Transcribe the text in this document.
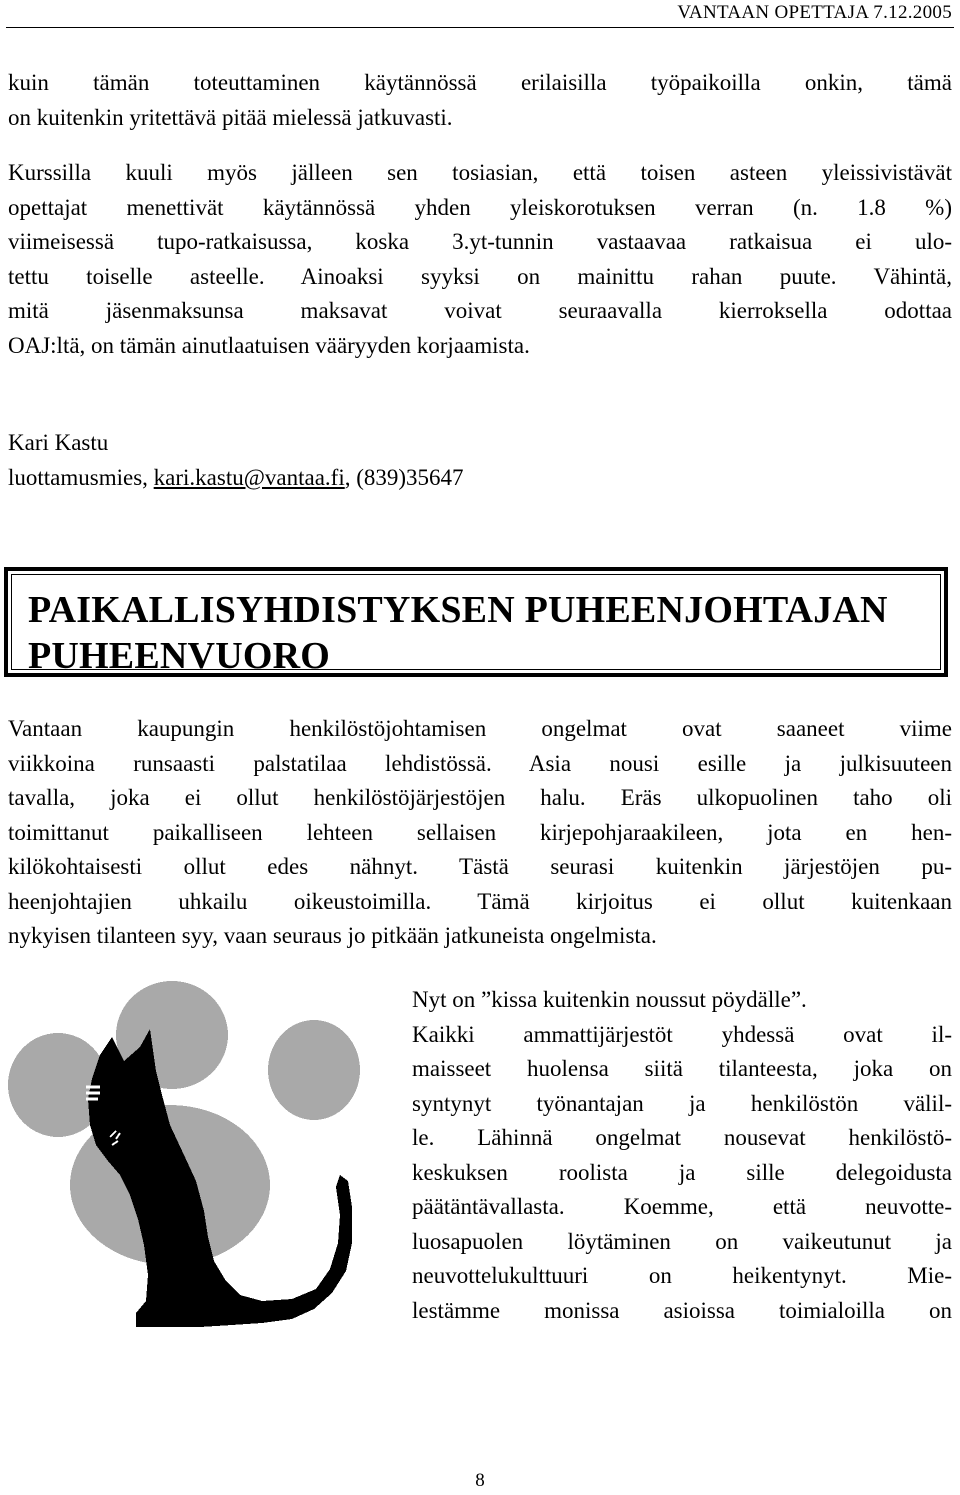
VANTAAN OPETTAJA 7.12.2005

kuin tämän toteuttaminen käytännössä erilaisilla työpaikoilla onkin, tämä
on kuitenkin yritettävä pitää mielessä jatkuvasti.

Kurssilla kuuli myös jälleen sen tosiasian, että toisen asteen yleissivistävät
opettajat menettivät käytännössä yhden yleiskorotuksen verran (n. 1.8 %)
viimeisessä tupo-ratkaisussa, koska 3.yt-tunnin vastaavaa ratkaisua ei ulo-
tettu toiselle asteelle. Ainoaksi syyksi on mainittu rahan puute. Vähintä,
mitä jäsenmaksunsa maksavat voivat seuraavalla kierroksella odottaa
OAJ:ltä, on tämän ainutlaatuisen vääryyden korjaamista.

Kari Kastu

luottamusmies, kari.kastu@vantaa.fi, (839)35647

PAIKALLISYHDISTYKSEN PUHEENJOHTAJAN
PUHEENVUORO

Vantaan kaupungin henkilöstöjohtamisen ongelmat ovat saaneet viime
viikkoina runsaasti palstatilaa lehdistössä. Asia nousi esille ja julkisuuteen
tavalla, joka ei ollut henkilöstöjärjestöjen halu. Eräs ulkopuolinen taho oli
toimittanut paikalliseen lehteen sellaisen kirjepohjaraakileen, jota en hen-
kilökohtaisesti ollut edes nähnyt. Tästä seurasi kuitenkin järjestöjen pu-
heenjohtajien uhkailu oikeustoimilla. Tämä kirjoitus ei ollut kuitenkaan
nykyisen tilanteen syy, vaan seuraus jo pitkään jatkuneista ongelmista.

Nyt on ”kissa kuitenkin noussut pöydälle”.
Kaikki ammattijärjestöt yhdessä ovat il-
maisseet huolensa siitä tilanteesta, joka on
syntynyt työnantajan ja henkilöstön välil-
le. Lähinnä ongelmat nousevat henkilöstö-
keskuksen roolista ja sille delegoidusta
päätäntävallasta. Koemme, että neuvotte-
luosapuolen löytäminen on vaikeutunut ja
neuvottelukulttuuri on heikentynyt. Mie-
lestämme monissa asioissa toimialoilla on

8
